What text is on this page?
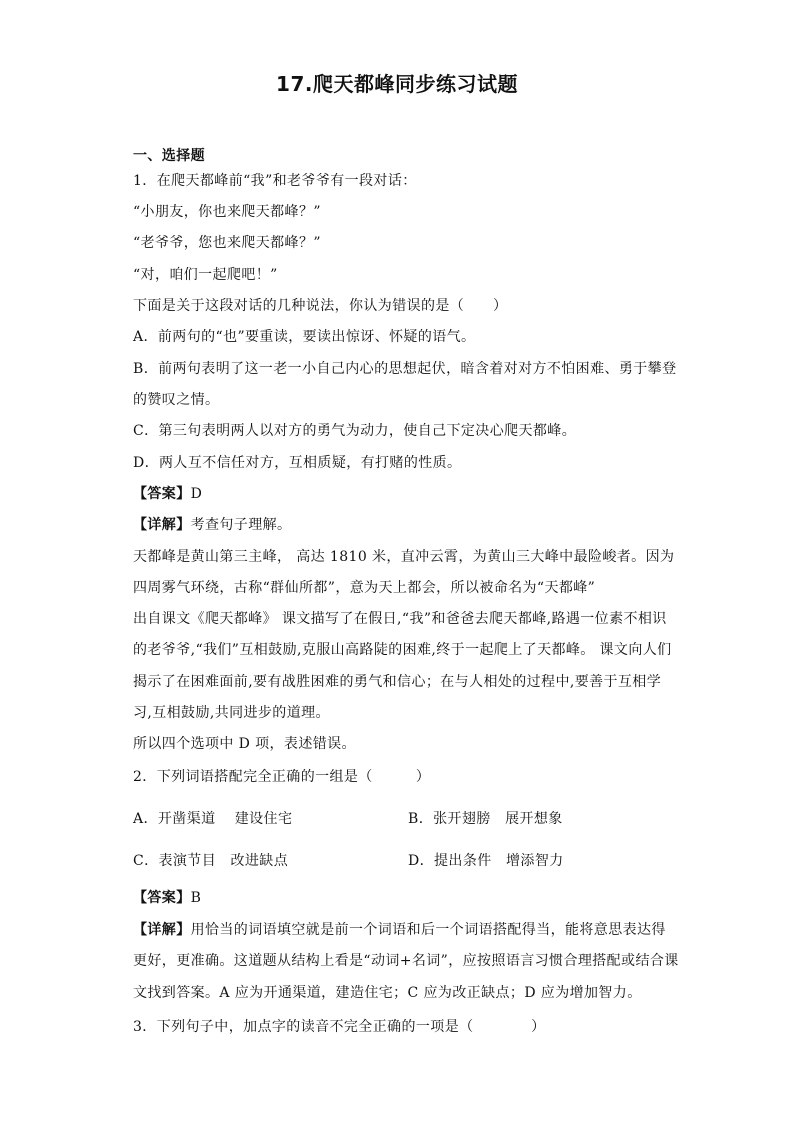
17.爬天都峰同步练习试题
一、选择题
1．在爬天都峰前“我”和老爷爷有一段对话：
“小朋友，你也来爬天都峰？”
“老爷爷，您也来爬天都峰？”
“对，咱们一起爬吧！”
下面是关于这段对话的几种说法，你认为错误的是（　　）
A．前两句的“也”要重读，要读出惊讶、怀疑的语气。
B．前两句表明了这一老一小自己内心的思想起伏，暗含着对对方不怕困难、勇于攀登
的赞叹之情。
C．第三句表明两人以对方的勇气为动力，使自己下定决心爬天都峰。
D．两人互不信任对方，互相质疑，有打赌的性质。
【答案】D
【详解】考查句子理解。
天都峰是黄山第三主峰， 高达 1810 米，直冲云霄，为黄山三大峰中最险峻者。因为
四周雾气环绕，古称“群仙所都”，意为天上都会，所以被命名为“天都峰”
出自课文《爬天都峰》 课文描写了在假日,“我”和爸爸去爬天都峰,路遇一位素不相识
的老爷爷,“我们”互相鼓励,克服山高路陡的困难,终于一起爬上了天都峰。 课文向人们
揭示了在困难面前,要有战胜困难的勇气和信心；在与人相处的过程中,要善于互相学
习,互相鼓励,共同进步的道理。
所以四个选项中 D 项，表述错误。
2．下列词语搭配完全正确的一组是（　　　）
A．开凿渠道　 建设住宅	B．张开翅膀　展开想象
C．表演节目　改进缺点	D．提出条件　增添智力
【答案】B
【详解】用恰当的词语填空就是前一个词语和后一个词语搭配得当，能将意思表达得
更好，更准确。这道题从结构上看是“动词+名词”，应按照语言习惯合理搭配或结合课
文找到答案。A 应为开通渠道，建造住宅；C 应为改正缺点；D 应为增加智力。
3．下列句子中，加点字的读音不完全正确的一项是（　　　　）
